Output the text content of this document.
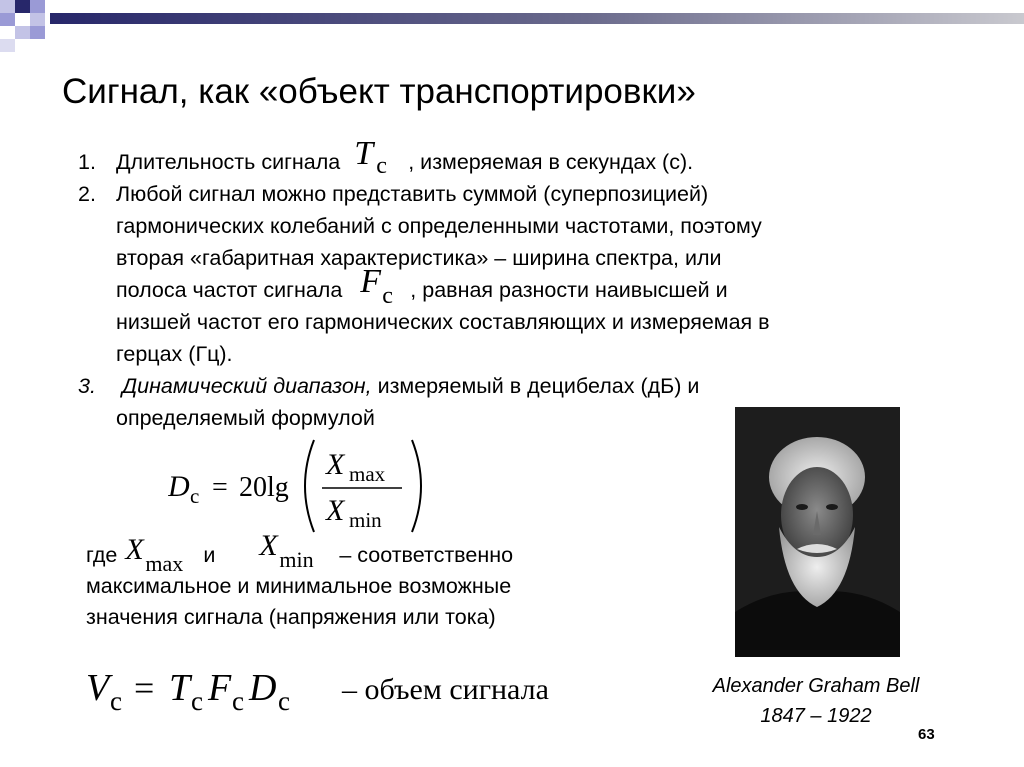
Сигнал, как «объект транспортировки»
1. Длительность сигнала T c , измеряемая в секундах (с).
2. Любой сигнал можно представить суммой (суперпозицией)
гармонических колебаний с определенными частотами, поэтому
вторая «габаритная характеристика» – ширина спектра, или
полоса частот сигнала F c , равная разности наивысшей и
низшей частот его гармонических составляющих и измеряемая в
герцах (Гц).
3. Динамический диапазон, измеряемый в децибелах (дБ) и
определяемый формулой
D c = 20lg
X max
X min
где X max и X min – соответственно
максимальное и минимальное возможные
значения сигнала (напряжения или тока)
V c = T c F c D c – объем сигнала	Alexander Graham Bell
1847 – 1922
63
